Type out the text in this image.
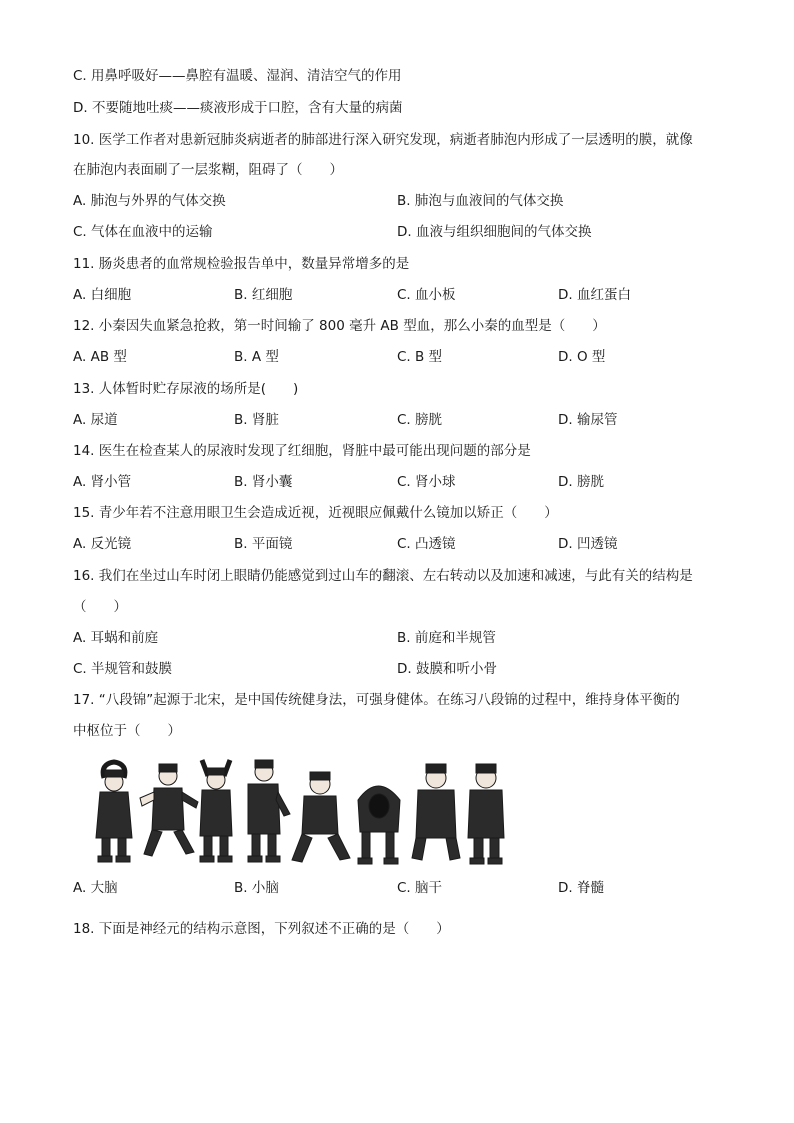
C. 用鼻呼吸好——鼻腔有温暖、湿润、清洁空气的作用
D. 不要随地吐痰——痰液形成于口腔，含有大量的病菌
10. 医学工作者对患新冠肺炎病逝者的肺部进行深入研究发现，病逝者肺泡内形成了一层透明的膜，就像
在肺泡内表面刷了一层浆糊，阻碍了（　　）
A. 肺泡与外界的气体交换	B. 肺泡与血液间的气体交换
C. 气体在血液中的运输	D. 血液与组织细胞间的气体交换
11. 肠炎患者的血常规检验报告单中，数量异常增多的是
A. 白细胞	B. 红细胞	C. 血小板	D. 血红蛋白
12. 小秦因失血紧急抢救，第一时间输了 800 毫升 AB 型血，那么小秦的血型是（　　）
A. AB 型	B. A 型	C. B 型	D. O 型
13. 人体暂时贮存尿液的场所是(　　)
A. 尿道	B. 肾脏	C. 膀胱	D. 输尿管
14. 医生在检查某人的尿液时发现了红细胞，肾脏中最可能出现问题的部分是
A. 肾小管	B. 肾小囊	C. 肾小球	D. 膀胱
15. 青少年若不注意用眼卫生会造成近视，近视眼应佩戴什么镜加以矫正（　　）
A. 反光镜	B. 平面镜	C. 凸透镜	D. 凹透镜
16. 我们在坐过山车时闭上眼睛仍能感觉到过山车的翻滚、左右转动以及加速和减速，与此有关的结构是
（　　）
A. 耳蜗和前庭	B. 前庭和半规管
C. 半规管和鼓膜	D. 鼓膜和听小骨
17. “八段锦”起源于北宋，是中国传统健身法，可强身健体。在练习八段锦的过程中，维持身体平衡的
中枢位于（　　）
A. 大脑	B. 小脑	C. 脑干	D. 脊髓
18. 下面是神经元的结构示意图，下列叙述不正确的是（　　）
